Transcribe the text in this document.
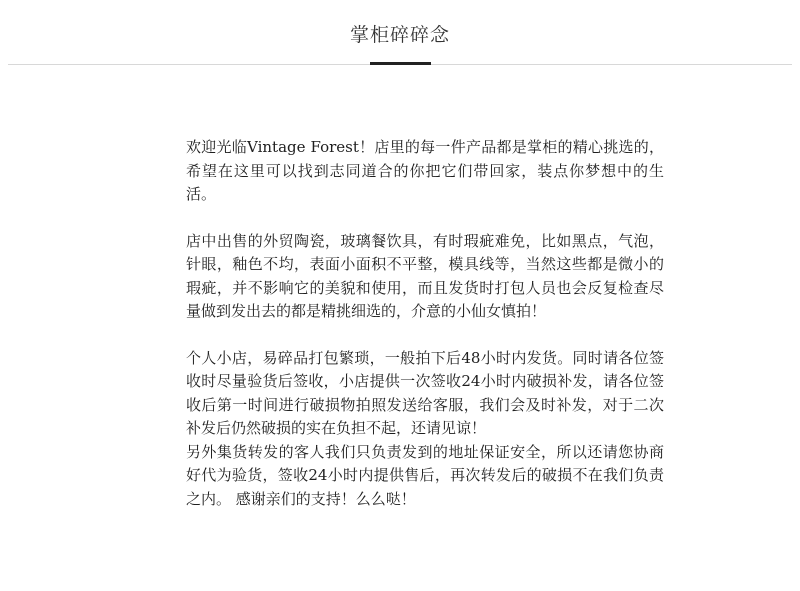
掌柜碎碎念

欢迎光临Vintage Forest！店里的每一件产品都是掌柜的精心挑选的，希望在这里可以找到志同道合的你把它们带回家，装点你梦想中的生活。

店中出售的外贸陶瓷，玻璃餐饮具，有时瑕疵难免，比如黑点，气泡，针眼，釉色不均，表面小面积不平整，模具线等，当然这些都是微小的瑕疵，并不影响它的美貌和使用，而且发货时打包人员也会反复检查尽量做到发出去的都是精挑细选的，介意的小仙女慎拍！

个人小店，易碎品打包繁琐，一般拍下后48小时内发货。同时请各位签收时尽量验货后签收，小店提供一次签收24小时内破损补发，请各位签收后第一时间进行破损物拍照发送给客服，我们会及时补发，对于二次补发后仍然破损的实在负担不起，还请见谅！

另外集货转发的客人我们只负责发到的地址保证安全，所以还请您协商好代为验货，签收24小时内提供售后，再次转发后的破损不在我们负责之内。 感谢亲们的支持！么么哒！
